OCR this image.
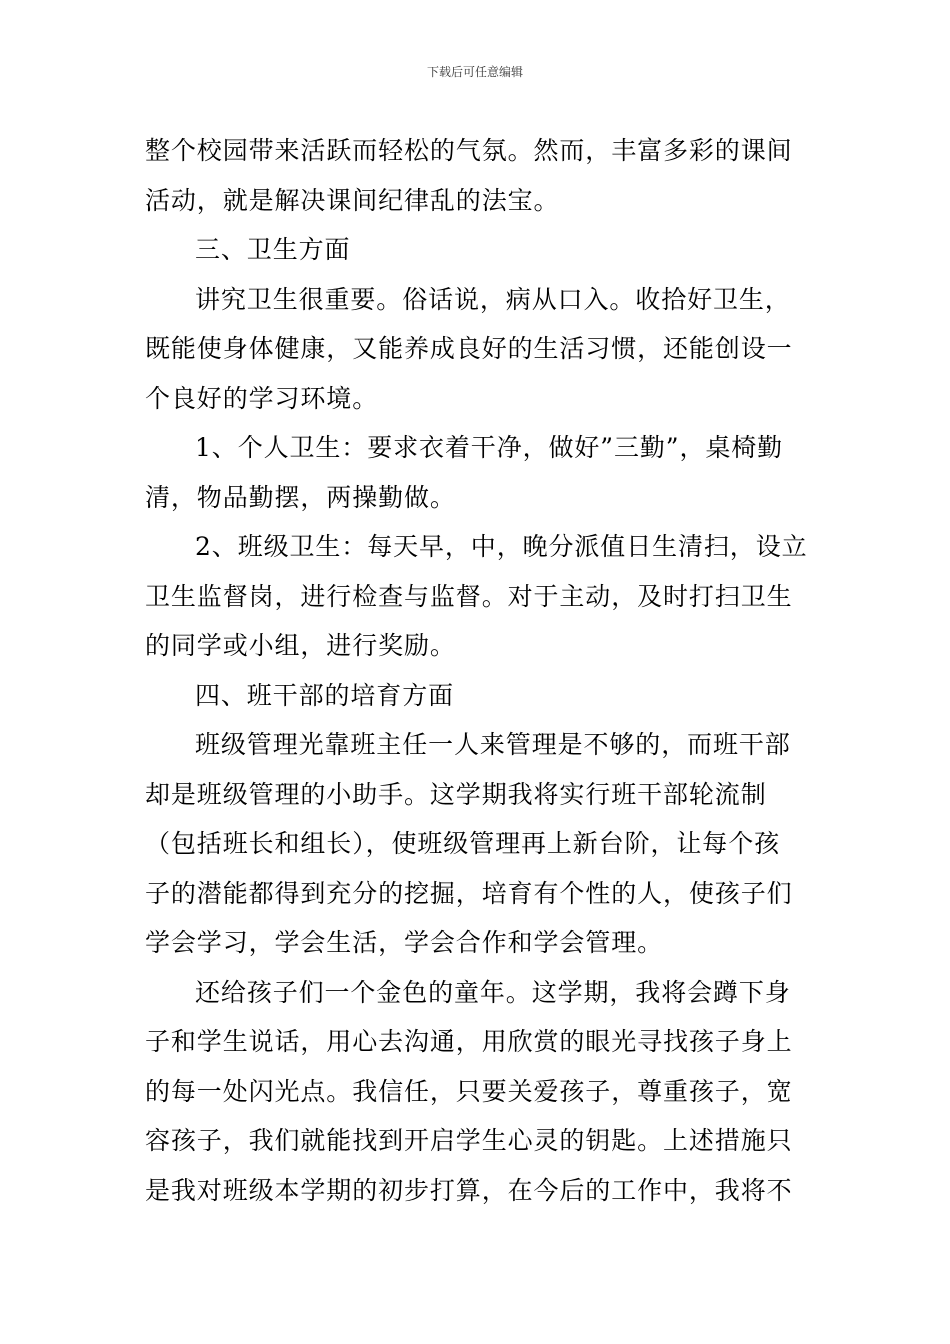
下载后可任意编辑
整个校园带来活跃而轻松的气氛。然而，丰富多彩的课间
活动，就是解决课间纪律乱的法宝。
三、卫生方面
讲究卫生很重要。俗话说，病从口入。收拾好卫生，
既能使身体健康，又能养成良好的生活习惯，还能创设一
个良好的学习环境。
1、个人卫生：要求衣着干净，做好”三勤”，桌椅勤
清，物品勤摆，两操勤做。
2、班级卫生：每天早，中，晚分派值日生清扫，设立
卫生监督岗，进行检查与监督。对于主动，及时打扫卫生
的同学或小组，进行奖励。
四、班干部的培育方面
班级管理光靠班主任一人来管理是不够的，而班干部
却是班级管理的小助手。这学期我将实行班干部轮流制
（包括班长和组长），使班级管理再上新台阶，让每个孩
子的潜能都得到充分的挖掘，培育有个性的人，使孩子们
学会学习，学会生活，学会合作和学会管理。
还给孩子们一个金色的童年。这学期，我将会蹲下身
子和学生说话，用心去沟通，用欣赏的眼光寻找孩子身上
的每一处闪光点。我信任，只要关爱孩子，尊重孩子，宽
容孩子，我们就能找到开启学生心灵的钥匙。上述措施只
是我对班级本学期的初步打算，在今后的工作中，我将不
